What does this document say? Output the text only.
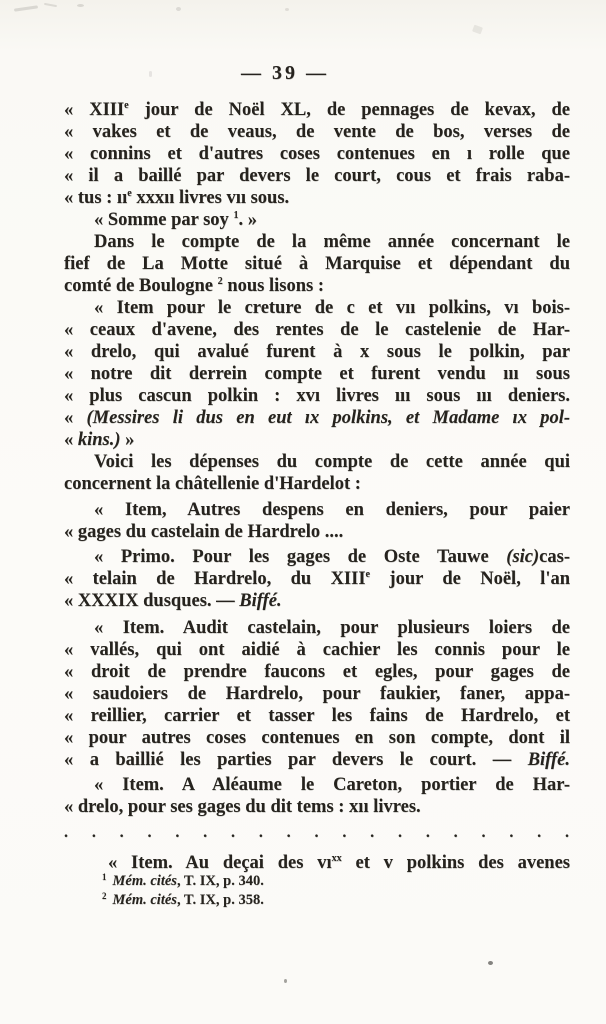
— 39 —
« XIIIe jour de Noël XL, de pennages de kevax, de
« vakes et de veaus, de vente de bos, verses de
« connins et d'autres coses contenues en ı rolle que
« il a baillé par devers le court, cous et frais raba-
« tus : $ıı^e$ xxxıı livres vıı sous.
« Somme par soy $^1$. »
Dans le compte de la même année concernant le
fief de La Motte situé à Marquise et dépendant du
comté de Boulogne $^2$ nous lisons :
« Item pour le creture de c et vıı polkins, vı bois-
« ceaux d'avene, des rentes de le castelenie de Har-
« drelo, qui avalué furent à x sous le polkin, par
« notre dit derrein compte et furent vendu ııı sous
« plus cascun polkin : xvı livres ııı sous ııı deniers.
« (Messires li dus en eut ıx polkins, et Madame ıx pol-
« kins.) »
Voici les dépenses du compte de cette année qui
concernent la châtellenie d'Hardelot :
« Item, Autres despens en deniers, pour paier
« gages du castelain de Hardrelo ....
« Primo. Pour les gages de Oste Tauwe (sic)cas-
« telain de Hardrelo, du XIIIe jour de Noël, l'an
« XXXIX dusques. — Biffé.
« Item. Audit castelain, pour plusieurs loiers de
« vallés, qui ont aidié à cachier les connis pour le
« droit de prendre faucons et egles, pour gages de
« saudoiers de Hardrelo, pour faukier, faner, appa-
« reillier, carrier et tasser les fains de Hardrelo, et
« pour autres coses contenues en son compte, dont il
« a baillié les parties par devers le court. — Biffé.
« Item. A Aléaume le Careton, portier de Har-
« drelo, pour ses gages du dit tems : xıı livres.
. . . . . . . . . . . . . . . . . . .
« Item. Au deçai des $vı^{xx}$ et v polkins des avenes
$^1$ Mém. cités, T. IX, p. 340.
$^2$ Mém. cités, T. IX, p. 358.
